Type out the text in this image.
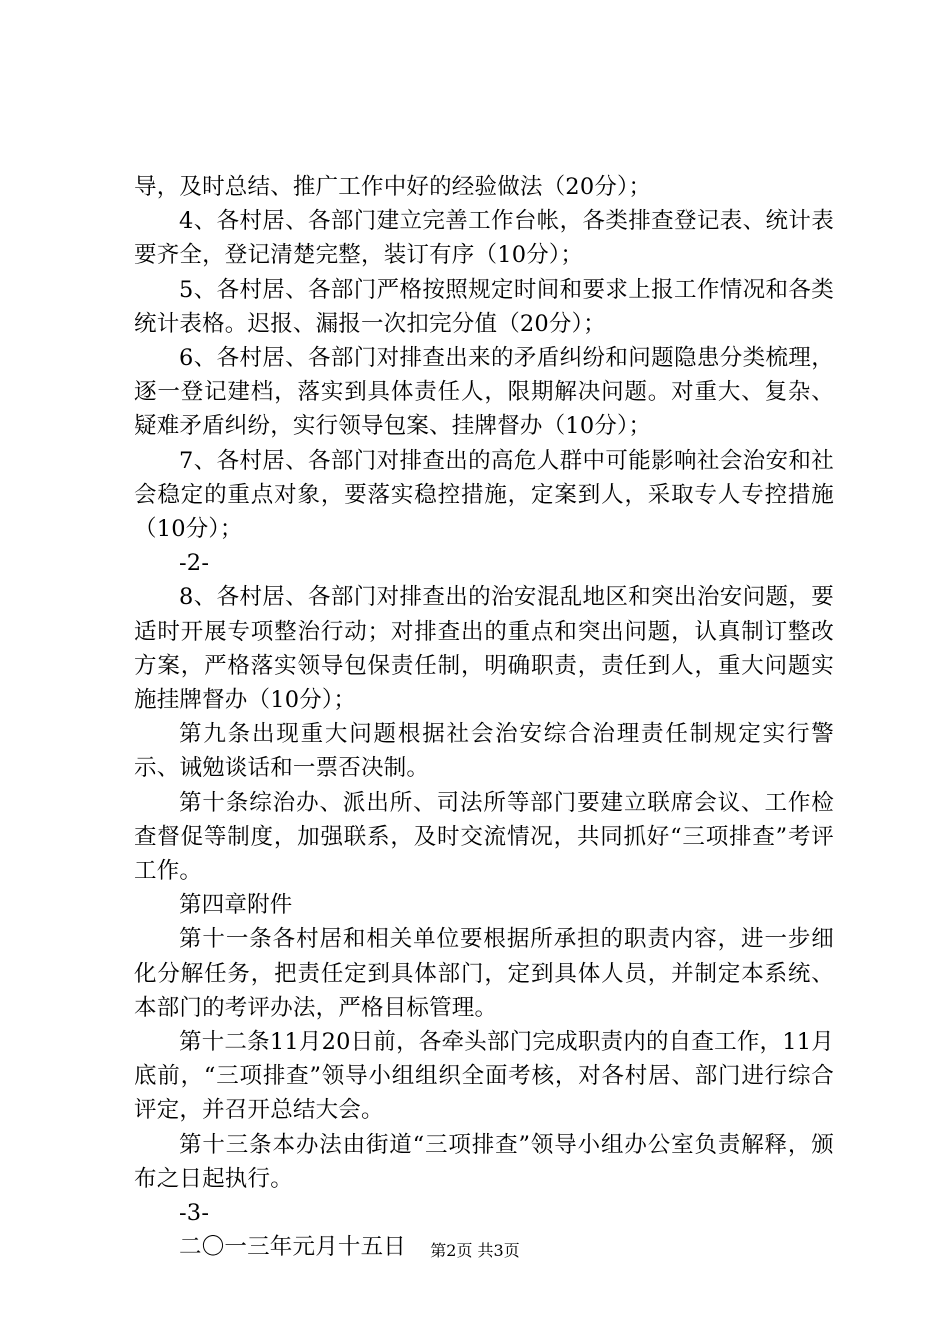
导，及时总结、推广工作中好的经验做法（20分）；

4、各村居、各部门建立完善工作台帐，各类排查登记表、统计表要齐全，登记清楚完整，装订有序（10分）；

5、各村居、各部门严格按照规定时间和要求上报工作情况和各类统计表格。迟报、漏报一次扣完分值（20分）；

6、各村居、各部门对排查出来的矛盾纠纷和问题隐患分类梳理，逐一登记建档，落实到具体责任人，限期解决问题。对重大、复杂、疑难矛盾纠纷，实行领导包案、挂牌督办（10分）；

7、各村居、各部门对排查出的高危人群中可能影响社会治安和社会稳定的重点对象，要落实稳控措施，定案到人，采取专人专控措施（10分）；

-2-

8、各村居、各部门对排查出的治安混乱地区和突出治安问题，要适时开展专项整治行动；对排查出的重点和突出问题，认真制订整改方案，严格落实领导包保责任制，明确职责，责任到人，重大问题实施挂牌督办（10分）；

第九条出现重大问题根据社会治安综合治理责任制规定实行警示、诫勉谈话和一票否决制。

第十条综治办、派出所、司法所等部门要建立联席会议、工作检查督促等制度，加强联系，及时交流情况，共同抓好“三项排查”考评工作。

第四章附件

第十一条各村居和相关单位要根据所承担的职责内容，进一步细化分解任务，把责任定到具体部门，定到具体人员，并制定本系统、本部门的考评办法，严格目标管理。

第十二条11月20日前，各牵头部门完成职责内的自查工作，11月底前，“三项排查”领导小组组织全面考核，对各村居、部门进行综合评定，并召开总结大会。

第十三条本办法由街道“三项排查”领导小组办公室负责解释，颁布之日起执行。

-3-

二〇一三年元月十五日	第2页 共3页
